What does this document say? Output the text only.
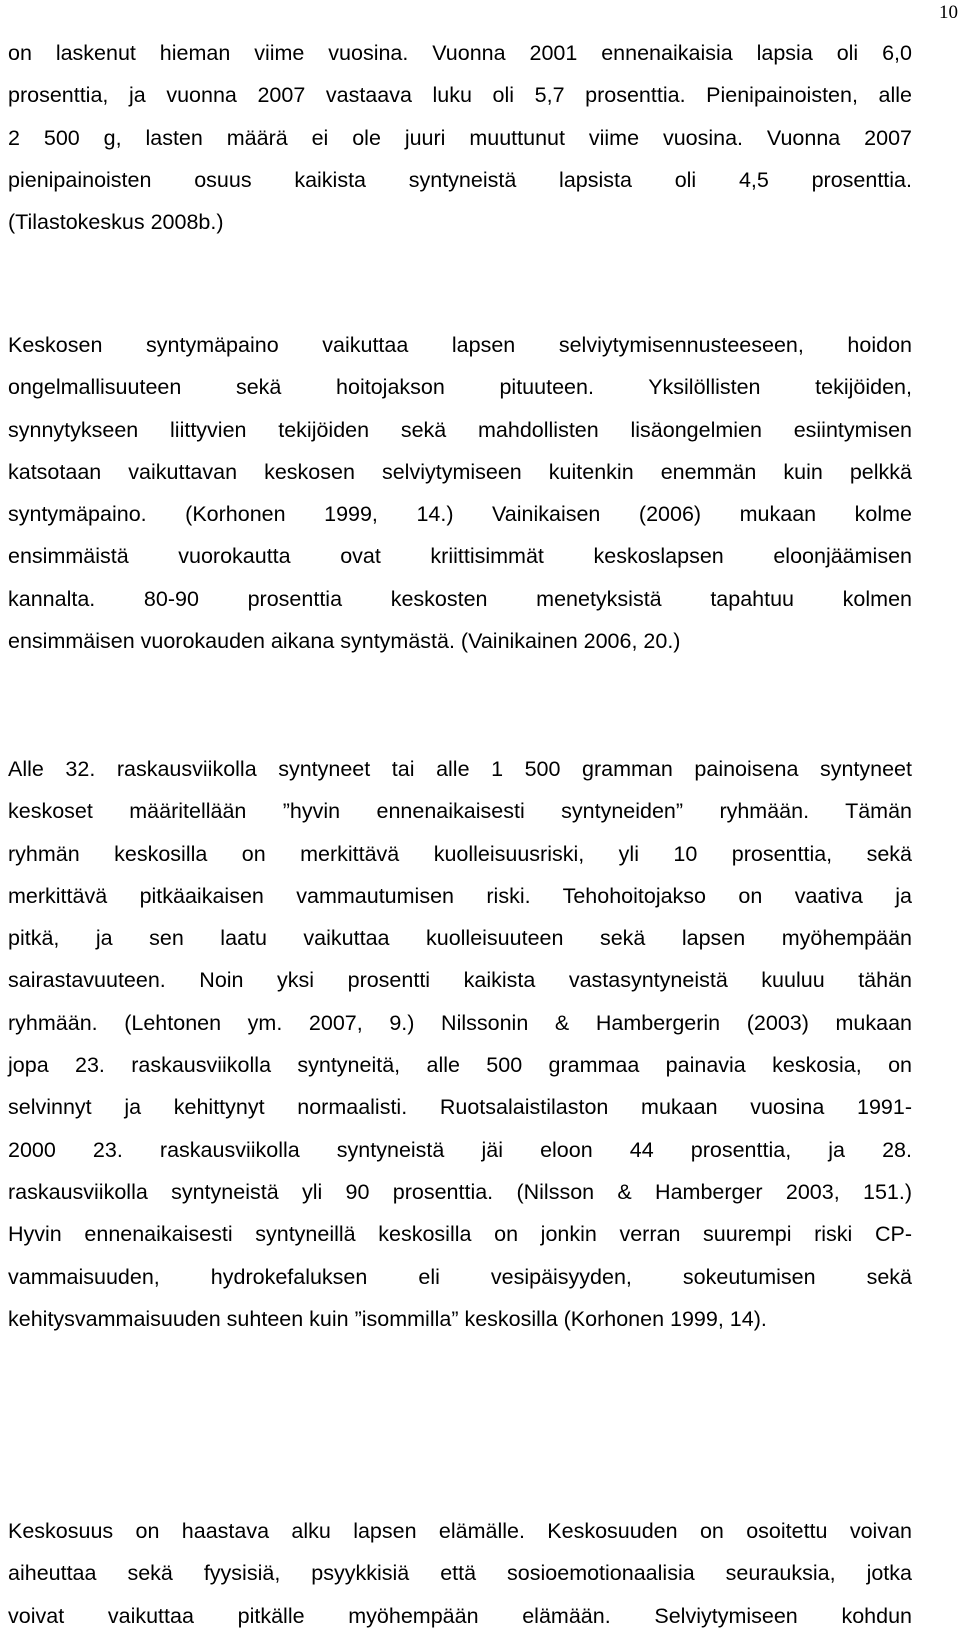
10
on laskenut hieman viime vuosina. Vuonna 2001 ennenaikaisia lapsia oli 6,0
prosenttia, ja vuonna 2007 vastaava luku oli 5,7 prosenttia. Pienipainoisten, alle
2 500 g, lasten määrä ei ole juuri muuttunut viime vuosina. Vuonna 2007
pienipainoisten osuus kaikista syntyneistä lapsista oli 4,5 prosenttia.
(Tilastokeskus 2008b.)
Keskosen syntymäpaino vaikuttaa lapsen selviytymisennusteeseen, hoidon
ongelmallisuuteen sekä hoitojakson pituuteen. Yksilöllisten tekijöiden,
synnytykseen liittyvien tekijöiden sekä mahdollisten lisäongelmien esiintymisen
katsotaan vaikuttavan keskosen selviytymiseen kuitenkin enemmän kuin pelkkä
syntymäpaino. (Korhonen 1999, 14.) Vainikaisen (2006) mukaan kolme
ensimmäistä vuorokautta ovat kriittisimmät keskoslapsen eloonjäämisen
kannalta. 80-90 prosenttia keskosten menetyksistä tapahtuu kolmen
ensimmäisen vuorokauden aikana syntymästä. (Vainikainen 2006, 20.)
Alle 32. raskausviikolla syntyneet tai alle 1 500 gramman painoisena syntyneet
keskoset määritellään ”hyvin ennenaikaisesti syntyneiden” ryhmään. Tämän
ryhmän keskosilla on merkittävä kuolleisuusriski, yli 10 prosenttia, sekä
merkittävä pitkäaikaisen vammautumisen riski. Tehohoitojakso on vaativa ja
pitkä, ja sen laatu vaikuttaa kuolleisuuteen sekä lapsen myöhempään
sairastavuuteen. Noin yksi prosentti kaikista vastasyntyneistä kuuluu tähän
ryhmään. (Lehtonen ym. 2007, 9.) Nilssonin & Hambergerin (2003) mukaan
jopa 23. raskausviikolla syntyneitä, alle 500 grammaa painavia keskosia, on
selvinnyt ja kehittynyt normaalisti. Ruotsalaistilaston mukaan vuosina 1991-
2000 23. raskausviikolla syntyneistä jäi eloon 44 prosenttia, ja 28.
raskausviikolla syntyneistä yli 90 prosenttia. (Nilsson & Hamberger 2003, 151.)
Hyvin ennenaikaisesti syntyneillä keskosilla on jonkin verran suurempi riski CP-
vammaisuuden, hydrokefaluksen eli vesipäisyyden, sokeutumisen sekä
kehitysvammaisuuden suhteen kuin ”isommilla” keskosilla (Korhonen 1999, 14).
Keskosuus on haastava alku lapsen elämälle. Keskosuuden on osoitettu voivan
aiheuttaa sekä fyysisiä, psyykkisiä että sosioemotionaalisia seurauksia, jotka
voivat vaikuttaa pitkälle myöhempään elämään. Selviytymiseen kohdun
